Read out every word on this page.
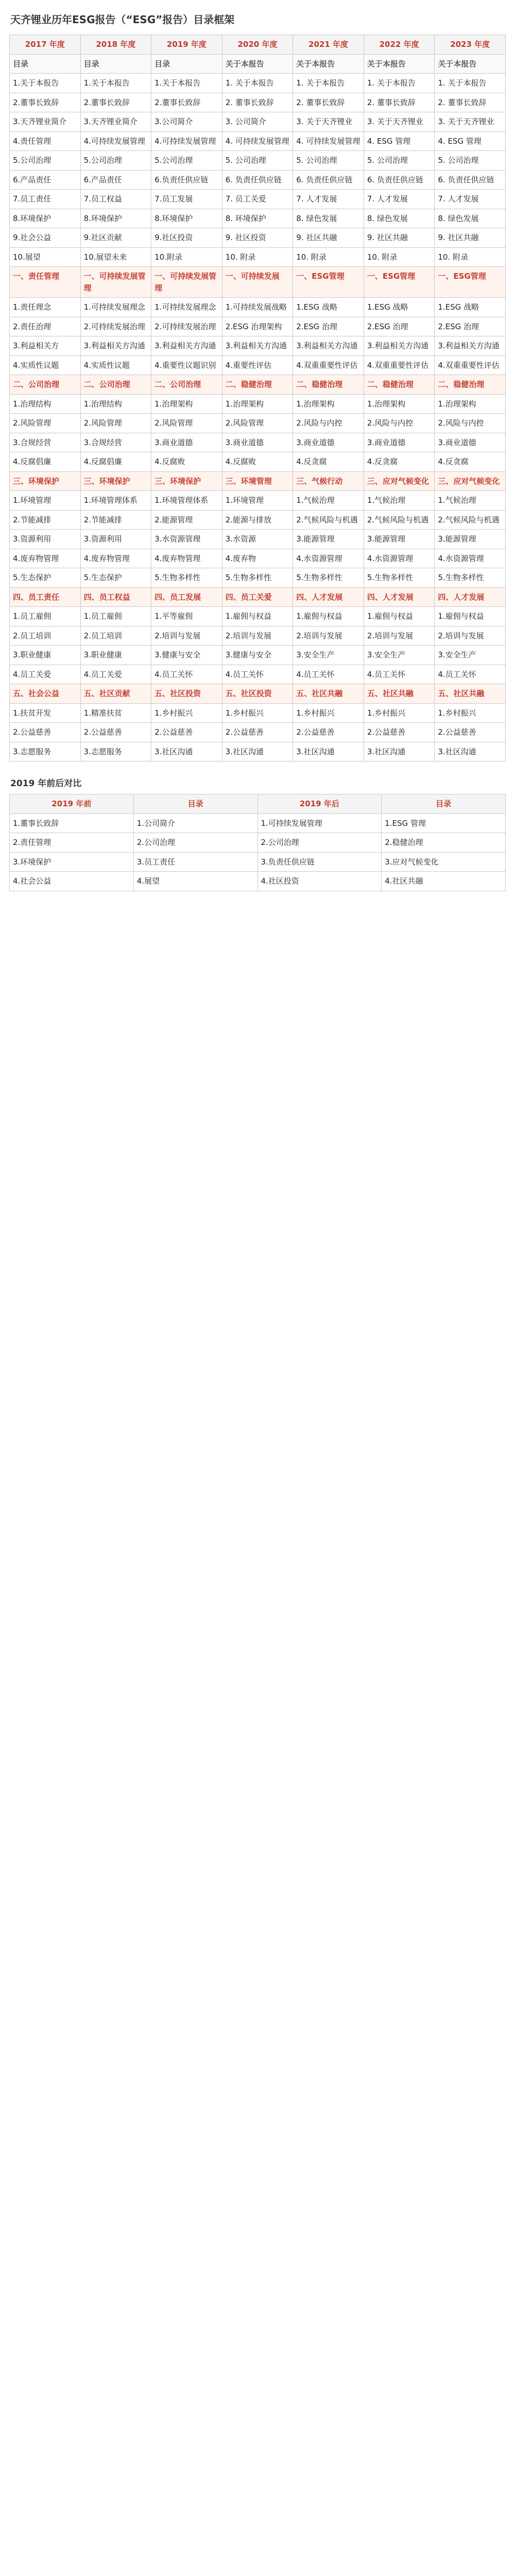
天齐锂业历年ESG报告（“ESG”报告）目录框架
2017 年度	2018 年度	2019 年度	2020 年度	2021 年度	2022 年度	2023 年度
目录	目录	目录	关于本报告	关于本报告	关于本报告	关于本报告
1.关于本报告	1.关于本报告	1.关于本报告	1. 关于本报告	1. 关于本报告	1. 关于本报告	1. 关于本报告
2.董事长致辞	2.董事长致辞	2.董事长致辞	2. 董事长致辞	2. 董事长致辞	2. 董事长致辞	2. 董事长致辞
3.天齐锂业简介	3.天齐锂业简介	3.公司简介	3. 公司简介	3. 关于天齐锂业	3. 关于天齐锂业	3. 关于天齐锂业
4.责任管理	4.可持续发展管理	4.可持续发展管理	4. 可持续发展管理	4. 可持续发展管理	4. ESG 管理	4. ESG 管理
5.公司治理	5.公司治理	5.公司治理	5. 公司治理	5. 公司治理	5. 公司治理	5. 公司治理
6.产品责任	6.产品责任	6.负责任供应链	6. 负责任供应链	6. 负责任供应链	6. 负责任供应链	6. 负责任供应链
7.员工责任	7.员工权益	7.员工发展	7. 员工关爱	7. 人才发展	7. 人才发展	7. 人才发展
8.环境保护	8.环境保护	8.环境保护	8. 环境保护	8. 绿色发展	8. 绿色发展	8. 绿色发展
9.社会公益	9.社区贡献	9.社区投资	9. 社区投资	9. 社区共融	9. 社区共融	9. 社区共融
10.展望	10.展望未来	10.附录	10. 附录	10. 附录	10. 附录	10. 附录
一、责任管理	一、可持续发展管理	一、可持续发展管理	一、可持续发展	一、ESG管理	一、ESG管理	一、ESG管理
1.责任理念	1.可持续发展理念	1.可持续发展理念	1.可持续发展战略	1.ESG 战略	1.ESG 战略	1.ESG 战略
2.责任治理	2.可持续发展治理	2.可持续发展治理	2.ESG 治理架构	2.ESG 治理	2.ESG 治理	2.ESG 治理
3.利益相关方	3.利益相关方沟通	3.利益相关方沟通	3.利益相关方沟通	3.利益相关方沟通	3.利益相关方沟通	3.利益相关方沟通
4.实质性议题	4.实质性议题	4.重要性议题识别	4.重要性评估	4.双重重要性评估	4.双重重要性评估	4.双重重要性评估
二、公司治理	二、公司治理	二、公司治理	二、稳健治理	二、稳健治理	二、稳健治理	二、稳健治理
1.治理结构	1.治理结构	1.治理架构	1.治理架构	1.治理架构	1.治理架构	1.治理架构
2.风险管理	2.风险管理	2.风险管理	2.风险管理	2.风险与内控	2.风险与内控	2.风险与内控
3.合规经营	3.合规经营	3.商业道德	3.商业道德	3.商业道德	3.商业道德	3.商业道德
4.反腐倡廉	4.反腐倡廉	4.反腐败	4.反腐败	4.反贪腐	4.反贪腐	4.反贪腐
三、环境保护	三、环境保护	三、环境保护	三、环境管理	三、气候行动	三、应对气候变化	三、应对气候变化
1.环境管理	1.环境管理体系	1.环境管理体系	1.环境管理	1.气候治理	1.气候治理	1.气候治理
2.节能减排	2.节能减排	2.能源管理	2.能源与排放	2.气候风险与机遇	2.气候风险与机遇	2.气候风险与机遇
3.资源利用	3.资源利用	3.水资源管理	3.水资源	3.能源管理	3.能源管理	3.能源管理
4.废弃物管理	4.废弃物管理	4.废弃物管理	4.废弃物	4.水资源管理	4.水资源管理	4.水资源管理
5.生态保护	5.生态保护	5.生物多样性	5.生物多样性	5.生物多样性	5.生物多样性	5.生物多样性
四、员工责任	四、员工权益	四、员工发展	四、员工关爱	四、人才发展	四、人才发展	四、人才发展
1.员工雇佣	1.员工雇佣	1.平等雇佣	1.雇佣与权益	1.雇佣与权益	1.雇佣与权益	1.雇佣与权益
2.员工培训	2.员工培训	2.培训与发展	2.培训与发展	2.培训与发展	2.培训与发展	2.培训与发展
3.职业健康	3.职业健康	3.健康与安全	3.健康与安全	3.安全生产	3.安全生产	3.安全生产
4.员工关爱	4.员工关爱	4.员工关怀	4.员工关怀	4.员工关怀	4.员工关怀	4.员工关怀
五、社会公益	五、社区贡献	五、社区投资	五、社区投资	五、社区共融	五、社区共融	五、社区共融
1.扶贫开发	1.精准扶贫	1.乡村振兴	1.乡村振兴	1.乡村振兴	1.乡村振兴	1.乡村振兴
2.公益慈善	2.公益慈善	2.公益慈善	2.公益慈善	2.公益慈善	2.公益慈善	2.公益慈善
3.志愿服务	3.志愿服务	3.社区沟通	3.社区沟通	3.社区沟通	3.社区沟通	3.社区沟通
2019 年前后对比
2019 年前	目录	2019 年后	目录
1.董事长致辞	1.公司简介	1.可持续发展管理	1.ESG 管理
2.责任管理	2.公司治理	2.公司治理	2.稳健治理
3.环境保护	3.员工责任	3.负责任供应链	3.应对气候变化
4.社会公益	4.展望	4.社区投资	4.社区共融
